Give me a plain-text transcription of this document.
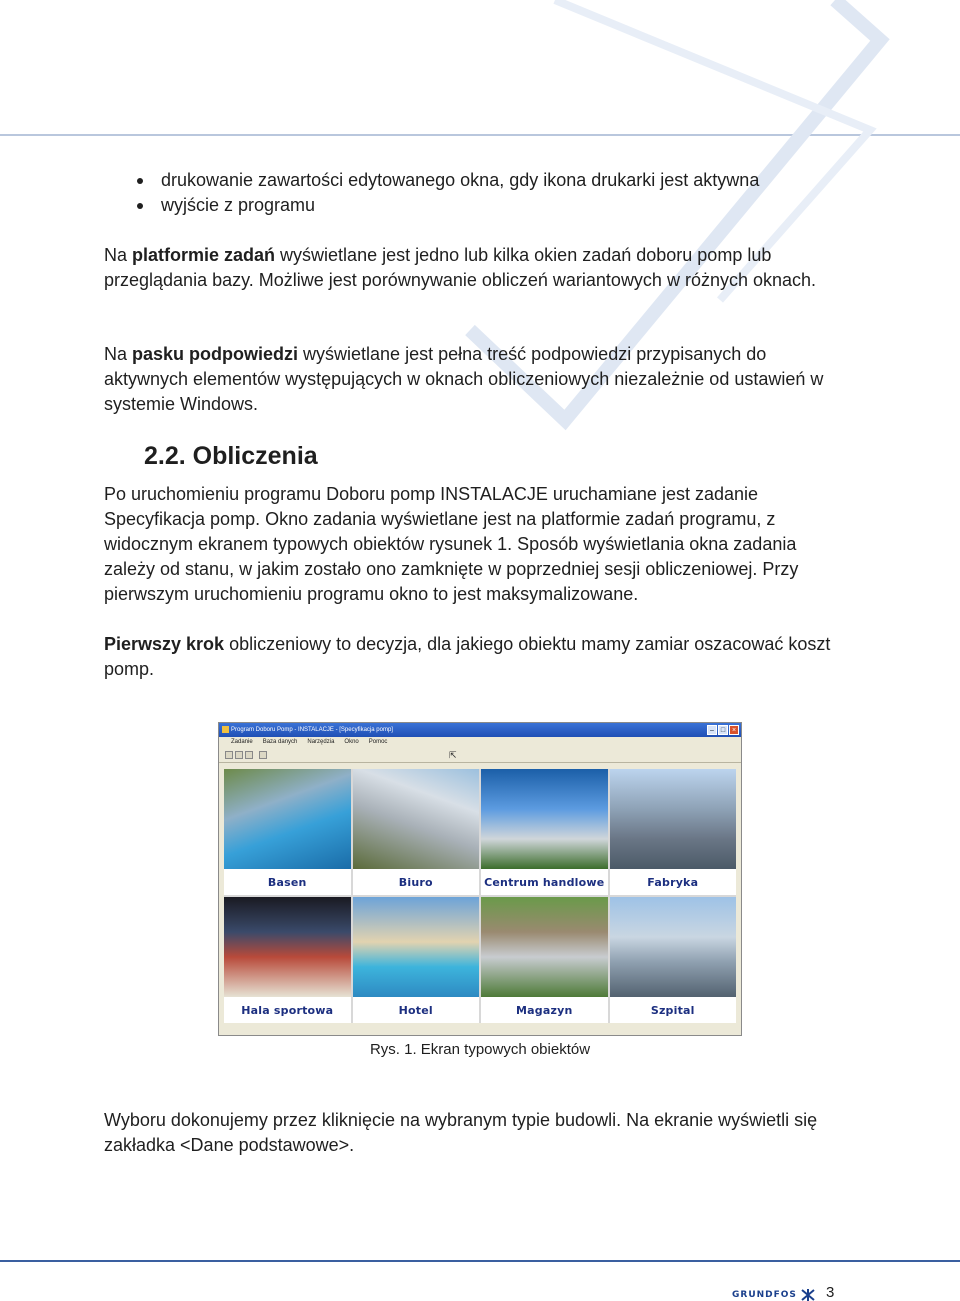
drukowanie zawartości edytowanego okna, gdy ikona drukarki jest aktywna
wyjście z programu

Na platformie zadań wyświetlane jest jedno lub kilka okien zadań doboru pomp lub przeglądania bazy. Możliwe jest porównywanie obliczeń wariantowych w różnych oknach.

Na pasku podpowiedzi wyświetlane jest pełna treść podpowiedzi przypisanych do aktywnych elementów występujących w oknach obliczeniowych niezależnie od ustawień w systemie Windows.

2.2. Obliczenia

Po uruchomieniu programu Doboru pomp INSTALACJE uruchamiane jest zadanie Specyfikacja pomp. Okno zadania wyświetlane jest na platformie zadań programu, z widocznym ekranem typowych obiektów rysunek 1. Sposób wyświetlania okna zadania zależy od stanu, w jakim zostało ono zamknięte w poprzedniej sesji obliczeniowej. Przy pierwszym uruchomieniu programu okno to jest maksymalizowane.

Pierwszy krok obliczeniowy to decyzja, dla jakiego obiektu mamy zamiar oszacować koszt pomp.

Wyboru dokonujemy przez kliknięcie na wybranym typie budowli. Na ekranie wyświetli się zakładka <Dane podstawowe>.

Program Doboru Pomp - INSTALACJE - [Specyfikacja pomp]	– □ ×
Zadanie Baza danych Narzędzia Okno Pomoc
⇱
Basen	Biuro	Centrum handlowe	Fabryka
Hala sportowa	Hotel	Magazyn	Szpital
Rys. 1. Ekran typowych obiektów
GRUNDFOS 3
